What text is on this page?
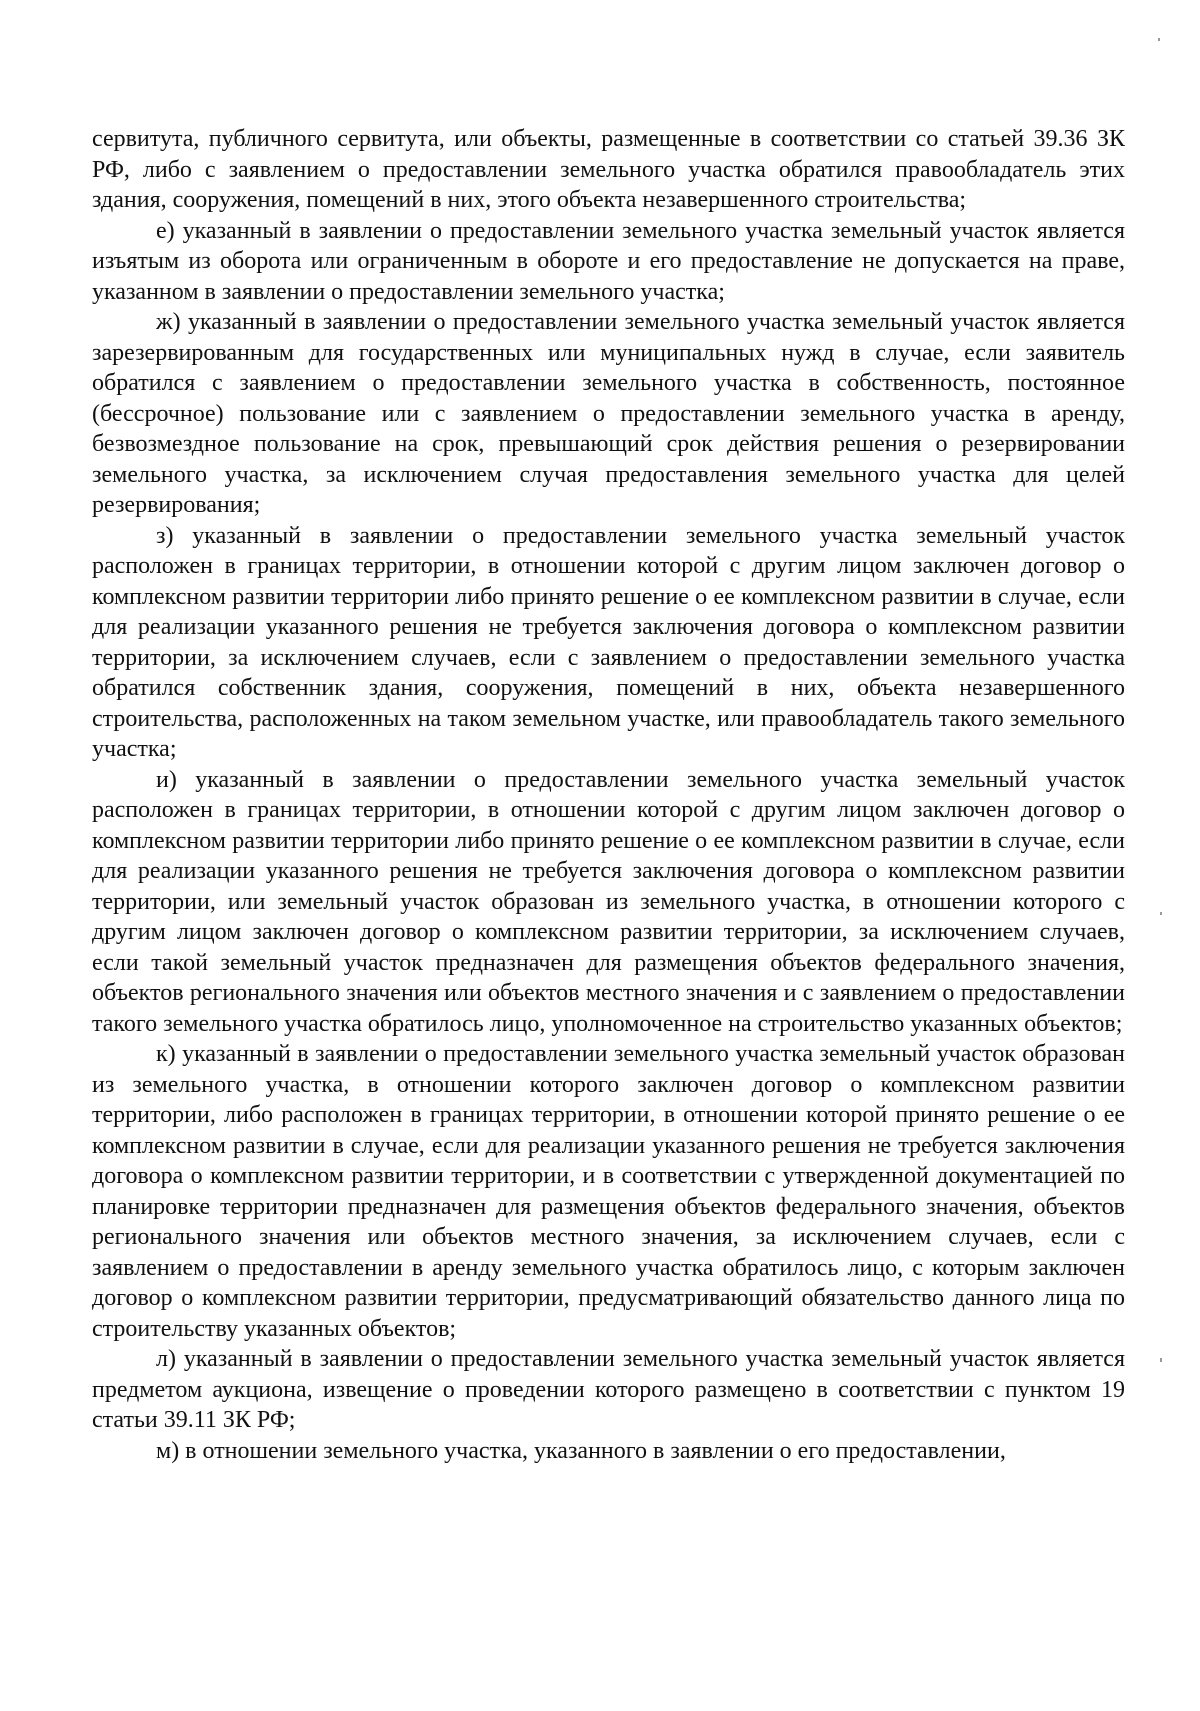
сервитута, публичного сервитута, или объекты, размещенные в соответствии со статьей 39.36 ЗК РФ, либо с заявлением о предоставлении земельного участка обратился правообладатель этих здания, сооружения, помещений в них, этого объекта незавершенного строительства;

е) указанный в заявлении о предоставлении земельного участка земельный участок является изъятым из оборота или ограниченным в обороте и его предоставление не допускается на праве, указанном в заявлении о предоставлении земельного участка;

ж) указанный в заявлении о предоставлении земельного участка земельный участок является зарезервированным для государственных или муниципальных нужд в случае, если заявитель обратился с заявлением о предоставлении земельного участка в собственность, постоянное (бессрочное) пользование или с заявлением о предоставлении земельного участка в аренду, безвозмездное пользование на срок, превышающий срок действия решения о резервировании земельного участка, за исключением случая предоставления земельного участка для целей резервирования;

з) указанный в заявлении о предоставлении земельного участка земельный участок расположен в границах территории, в отношении которой с другим лицом заключен договор о комплексном развитии территории либо принято решение о ее комплексном развитии в случае, если для реализации указанного решения не требуется заключения договора о комплексном развитии территории, за исключением случаев, если с заявлением о предоставлении земельного участка обратился собственник здания, сооружения, помещений в них, объекта незавершенного строительства, расположенных на таком земельном участке, или правообладатель такого земельного участка;

и) указанный в заявлении о предоставлении земельного участка земельный участок расположен в границах территории, в отношении которой с другим лицом заключен договор о комплексном развитии территории либо принято решение о ее комплексном развитии в случае, если для реализации указанного решения не требуется заключения договора о комплексном развитии территории, или земельный участок образован из земельного участка, в отношении которого с другим лицом заключен договор о комплексном развитии территории, за исключением случаев, если такой земельный участок предназначен для размещения объектов федерального значения, объектов регионального значения или объектов местного значения и с заявлением о предоставлении такого земельного участка обратилось лицо, уполномоченное на строительство указанных объектов;

к) указанный в заявлении о предоставлении земельного участка земельный участок образован из земельного участка, в отношении которого заключен договор о комплексном развитии территории, либо расположен в границах территории, в отношении которой принято решение о ее комплексном развитии в случае, если для реализации указанного решения не требуется заключения договора о комплексном развитии территории, и в соответствии с утвержденной документацией по планировке территории предназначен для размещения объектов федерального значения, объектов регионального значения или объектов местного значения, за исключением случаев, если с заявлением о предоставлении в аренду земельного участка обратилось лицо, с которым заключен договор о комплексном развитии территории, предусматривающий обязательство данного лица по строительству указанных объектов;

л) указанный в заявлении о предоставлении земельного участка земельный участок является предметом аукциона, извещение о проведении которого размещено в соответствии с пунктом 19 статьи 39.11 ЗК РФ;

м) в отношении земельного участка, указанного в заявлении о его предоставлении,
